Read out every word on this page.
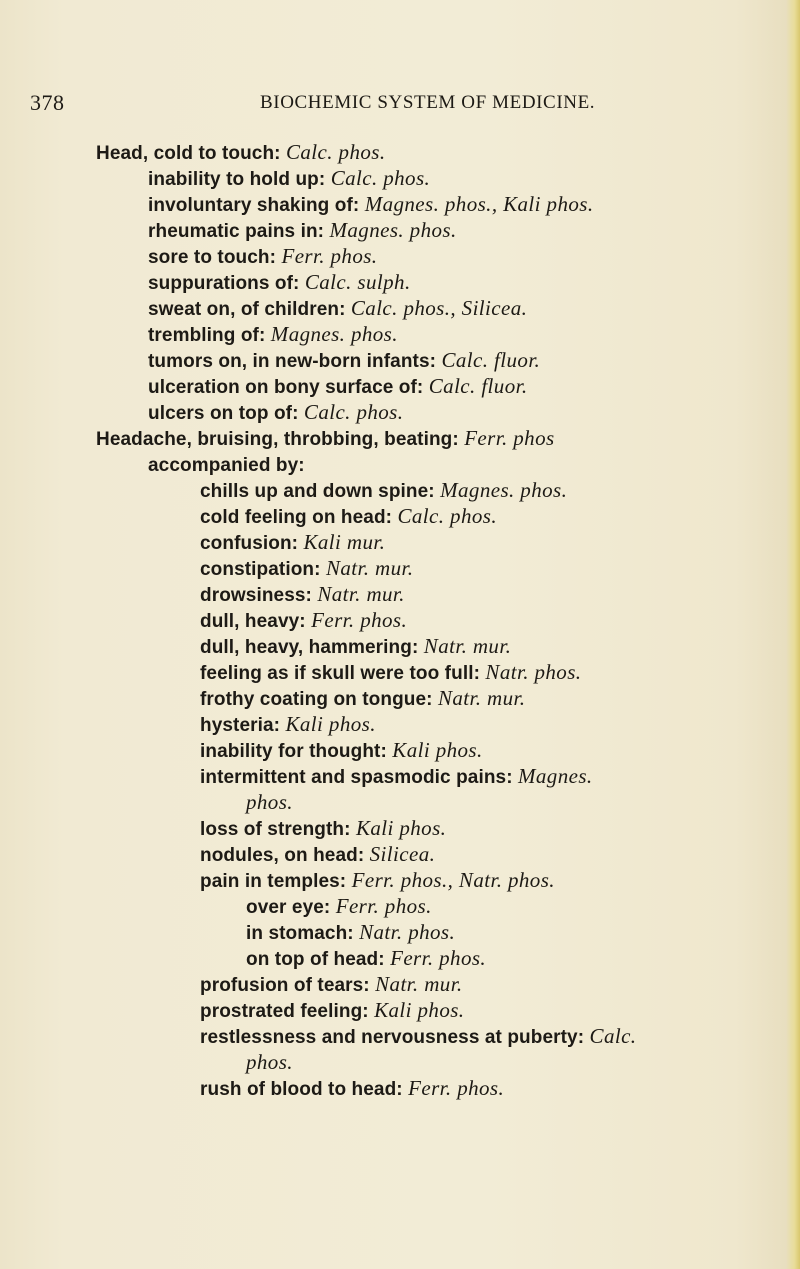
378	BIOCHEMIC SYSTEM OF MEDICINE.
Head, cold to touch: Calc. phos.
inability to hold up: Calc. phos.
involuntary shaking of: Magnes. phos., Kali phos.
rheumatic pains in: Magnes. phos.
sore to touch: Ferr. phos.
suppurations of: Calc. sulph.
sweat on, of children: Calc. phos., Silicea.
trembling of: Magnes. phos.
tumors on, in new-born infants: Calc. fluor.
ulceration on bony surface of: Calc. fluor.
ulcers on top of: Calc. phos.
Headache, bruising, throbbing, beating: Ferr. phos
accompanied by:
chills up and down spine: Magnes. phos.
cold feeling on head: Calc. phos.
confusion: Kali mur.
constipation: Natr. mur.
drowsiness: Natr. mur.
dull, heavy: Ferr. phos.
dull, heavy, hammering: Natr. mur.
feeling as if skull were too full: Natr. phos.
frothy coating on tongue: Natr. mur.
hysteria: Kali phos.
inability for thought: Kali phos.
intermittent and spasmodic pains: Magnes.
phos.
loss of strength: Kali phos.
nodules, on head: Silicea.
pain in temples: Ferr. phos., Natr. phos.
over eye: Ferr. phos.
in stomach: Natr. phos.
on top of head: Ferr. phos.
profusion of tears: Natr. mur.
prostrated feeling: Kali phos.
restlessness and nervousness at puberty: Calc.
phos.
rush of blood to head: Ferr. phos.
